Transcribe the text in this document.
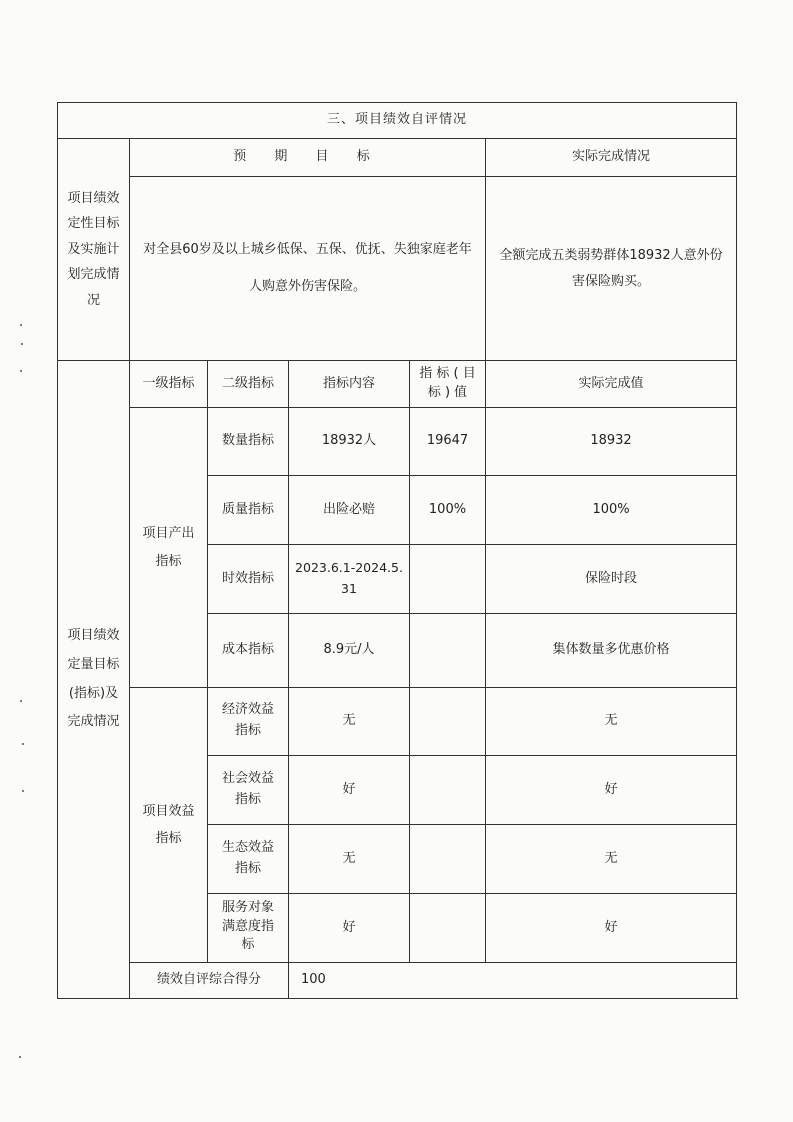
三、项目绩效自评情况					
项目绩效定性目标及实施计划完成情况	预 期 目 标				实际完成情况
	对全县60岁及以上城乡低保、五保、优抚、失独家庭老年人购意外伤害保险。				全额完成五类弱势群体18932人意外份害保险购买。
项目绩效定量目标(指标)及完成情况	一级指标	二级指标	指标内容	指 标 ( 目 标 ) 值	实际完成值
	项目产出指标	数量指标	18932人	19647	18932
		质量指标	出险必赔	100%	100%
		时效指标	2023.6.1-2024.5.31		保险时段
		成本指标	8.9元/人		集体数量多优惠价格
	项目效益指标	经济效益指标	无		无
		社会效益指标	好		好
		生态效益指标	无		无
		服务对象满意度指标	好		好
	绩效自评综合得分		100		
